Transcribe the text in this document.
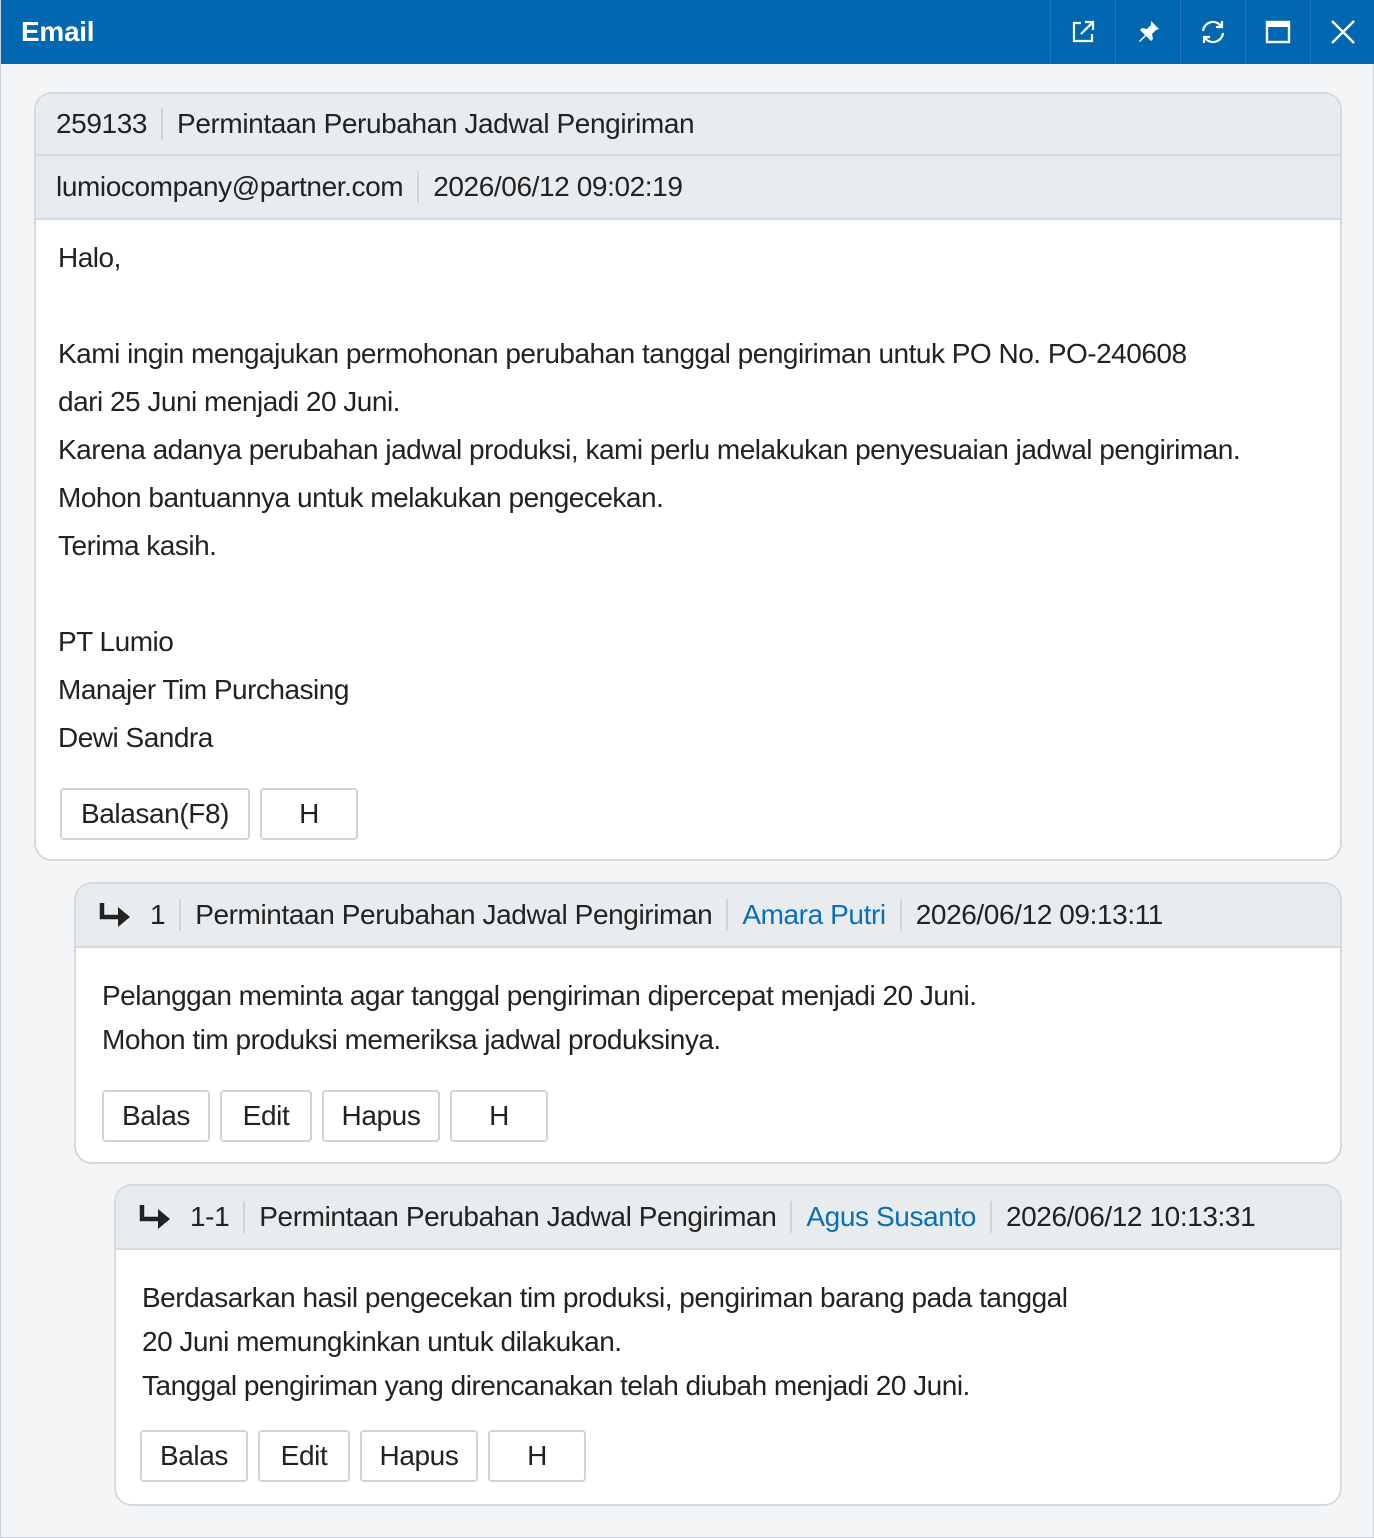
Email
259133 Permintaan Perubahan Jadwal Pengiriman
lumiocompany@partner.com 2026/06/12 09:02:19
Halo,
Kami ingin mengajukan permohonan perubahan tanggal pengiriman untuk PO No. PO-240608
dari 25 Juni menjadi 20 Juni.
Karena adanya perubahan jadwal produksi, kami perlu melakukan penyesuaian jadwal pengiriman.
Mohon bantuannya untuk melakukan pengecekan.
Terima kasih.
PT Lumio
Manajer Tim Purchasing
Dewi Sandra
Balasan(F8)	H
1 Permintaan Perubahan Jadwal Pengiriman Amara Putri 2026/06/12 09:13:11
Pelanggan meminta agar tanggal pengiriman dipercepat menjadi 20 Juni.
Mohon tim produksi memeriksa jadwal produksinya.
Balas	Edit	Hapus	H
1-1 Permintaan Perubahan Jadwal Pengiriman Agus Susanto 2026/06/12 10:13:31
Berdasarkan hasil pengecekan tim produksi, pengiriman barang pada tanggal
20 Juni memungkinkan untuk dilakukan.
Tanggal pengiriman yang direncanakan telah diubah menjadi 20 Juni.
Balas	Edit	Hapus	H
